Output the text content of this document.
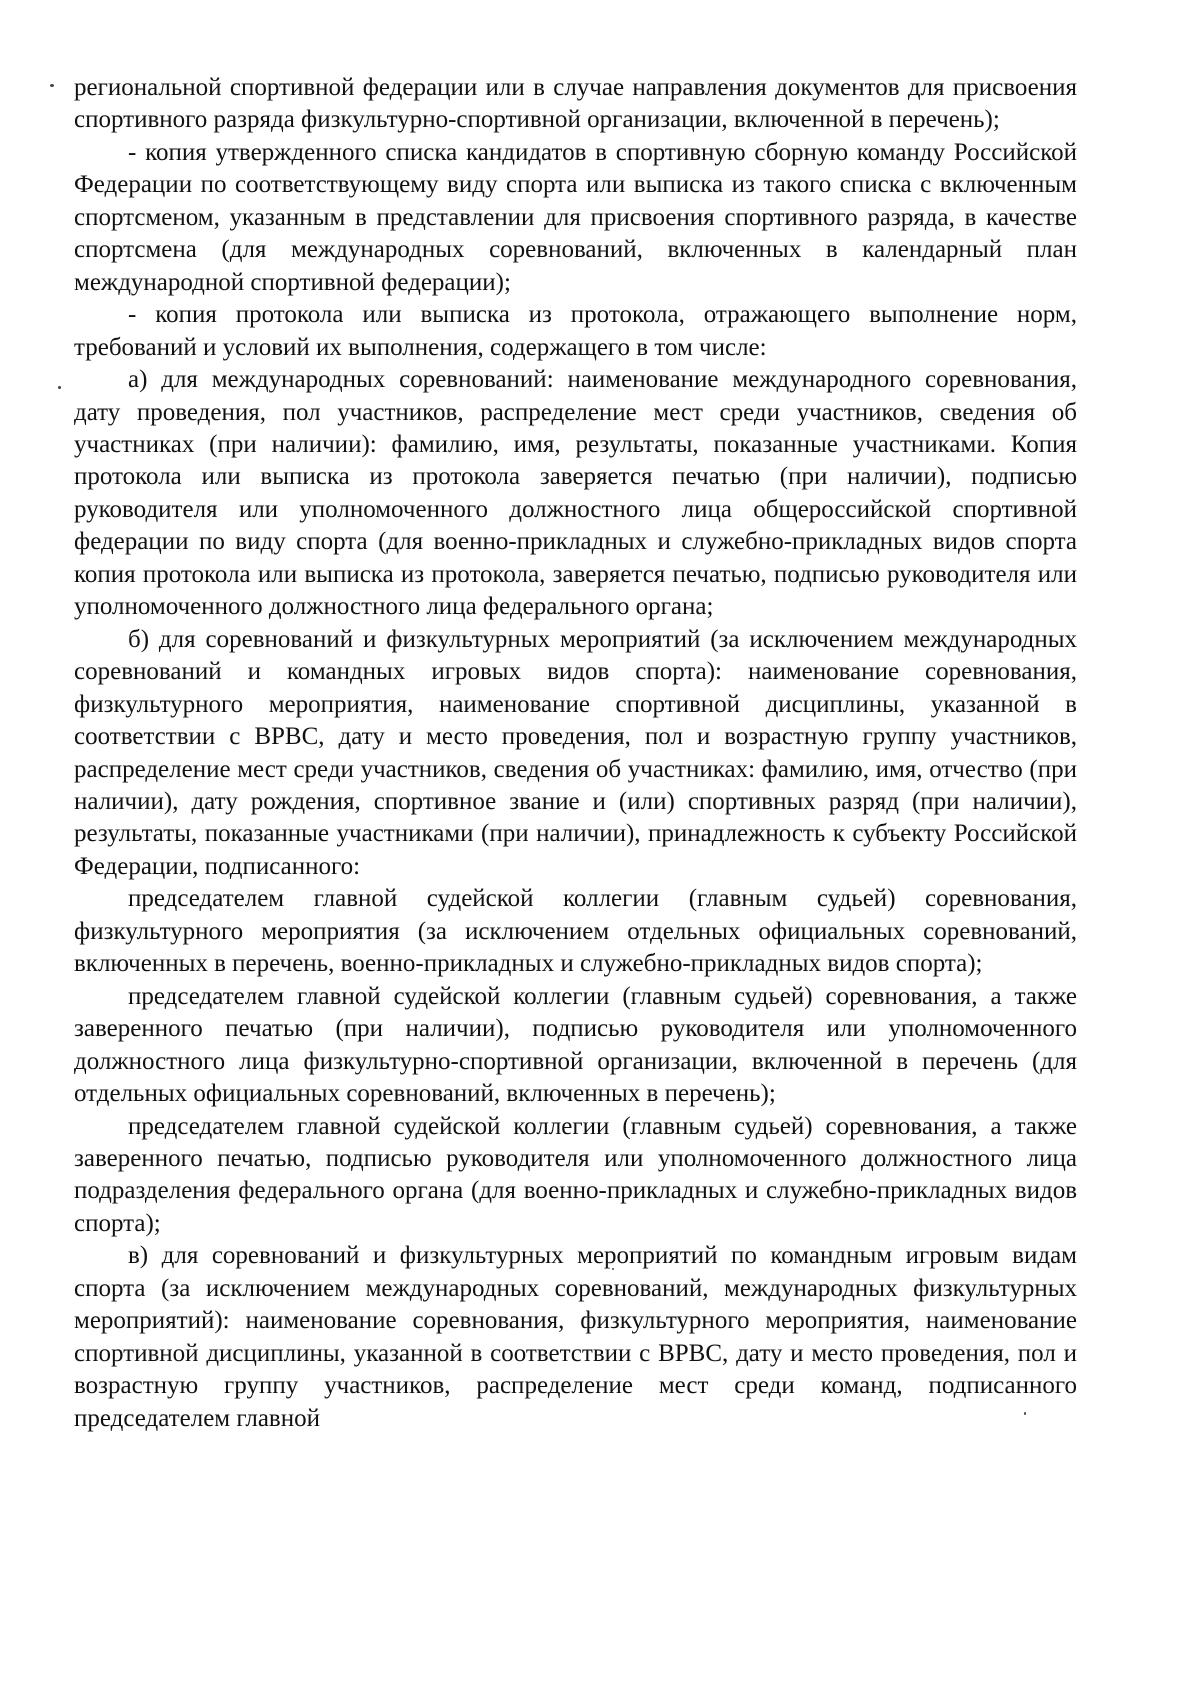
региональной спортивной федерации или в случае направления документов для присвоения спортивного разряда физкультурно-спортивной организации, включенной в перечень);

- копия утвержденного списка кандидатов в спортивную сборную команду Российской Федерации по соответствующему виду спорта или выписка из такого списка с включенным спортсменом, указанным в представлении для присвоения спортивного разряда, в качестве спортсмена (для международных соревнований, включенных в календарный план международной спортивной федерации);

- копия протокола или выписка из протокола, отражающего выполнение норм, требований и условий их выполнения, содержащего в том числе:

а) для международных соревнований: наименование международного соревнования, дату проведения, пол участников, распределение мест среди участников, сведения об участниках (при наличии): фамилию, имя, результаты, показанные участниками. Копия протокола или выписка из протокола заверяется печатью (при наличии), подписью руководителя или уполномоченного должностного лица общероссийской спортивной федерации по виду спорта (для военно-прикладных и служебно-прикладных видов спорта копия протокола или выписка из протокола, заверяется печатью, подписью руководителя или уполномоченного должностного лица федерального органа;

б) для соревнований и физкультурных мероприятий (за исключением международных соревнований и командных игровых видов спорта): наименование соревнования, физкультурного мероприятия, наименование спортивной дисциплины, указанной в соответствии с ВРВС, дату и место проведения, пол и возрастную группу участников, распределение мест среди участников, сведения об участниках: фамилию, имя, отчество (при наличии), дату рождения, спортивное звание и (или) спортивных разряд (при наличии), результаты, показанные участниками (при наличии), принадлежность к субъекту Российской Федерации, подписанного:

председателем главной судейской коллегии (главным судьей) соревнования, физкультурного мероприятия (за исключением отдельных официальных соревнований, включенных в перечень, военно-прикладных и служебно-прикладных видов спорта);

председателем главной судейской коллегии (главным судьей) соревнования, а также заверенного печатью (при наличии), подписью руководителя или уполномоченного должностного лица физкультурно-спортивной организации, включенной в перечень (для отдельных официальных соревнований, включенных в перечень);

председателем главной судейской коллегии (главным судьей) соревнования, а также заверенного печатью, подписью руководителя или уполномоченного должностного лица подразделения федерального органа (для военно-прикладных и служебно-прикладных видов спорта);

в) для соревнований и физкультурных мероприятий по командным игровым видам спорта (за исключением международных соревнований, международных физкультурных мероприятий): наименование соревнования, физкультурного мероприятия, наименование спортивной дисциплины, указанной в соответствии с ВРВС, дату и место проведения, пол и возрастную группу участников, распределение мест среди команд, подписанного председателем главной
